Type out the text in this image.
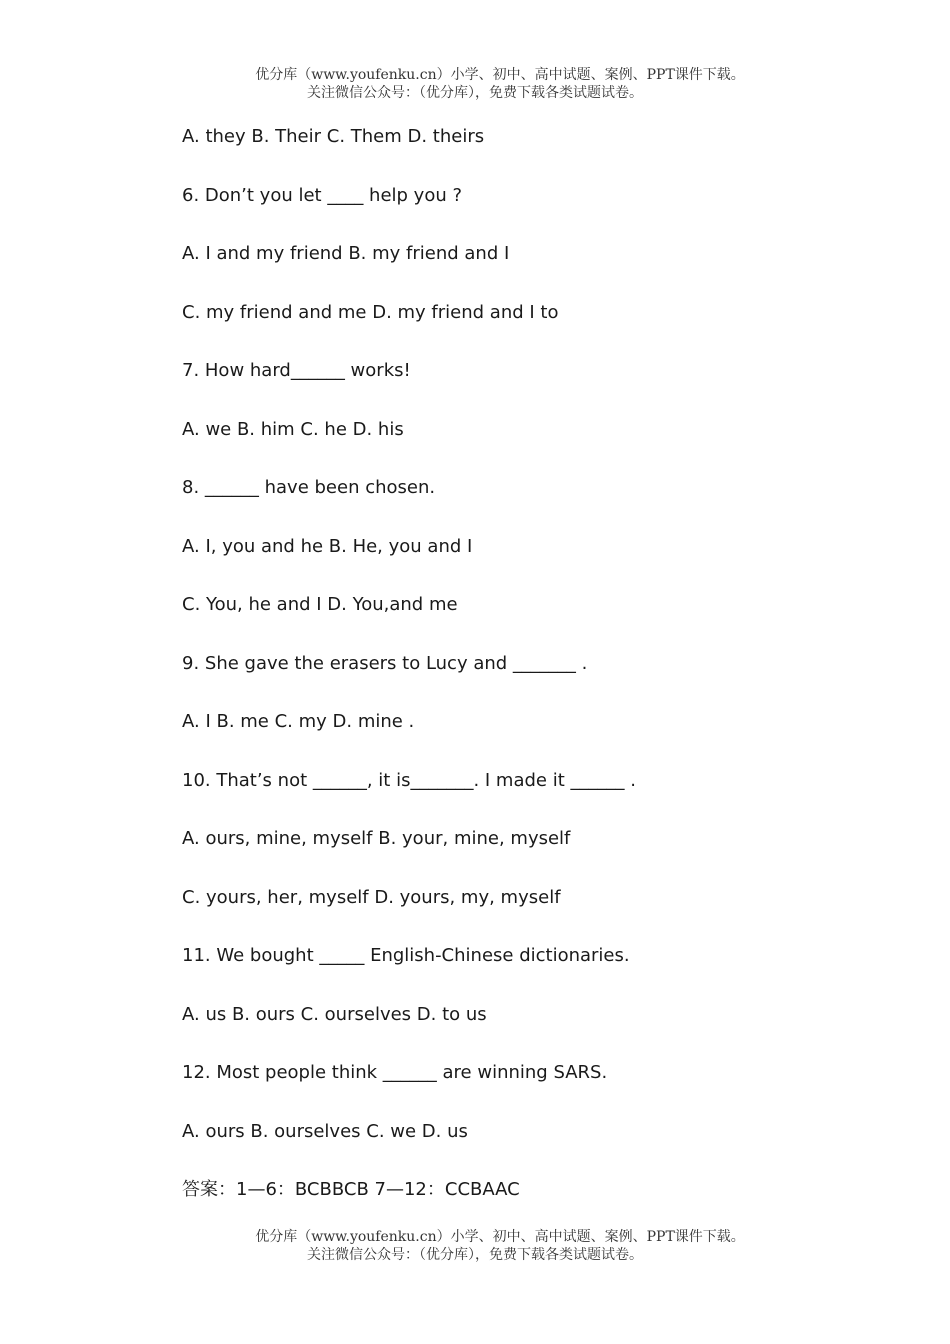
优分库（www.youfenku.cn）小学、初中、高中试题、案例、PPT课件下载。
关注微信公众号：（优分库），免费下载各类试题试卷。
A. they B. Their C. Them D. theirs
6. Don’t you let ____ help you ?
A. I and my friend B. my friend and I
C. my friend and me D. my friend and I to
7. How hard______ works!
A. we B. him C. he D. his
8. ______ have been chosen.
A. I, you and he B. He, you and I
C. You, he and I D. You,and me
9. She gave the erasers to Lucy and _______ .
A. I B. me C. my D. mine .
10. That’s not ______, it is_______. I made it ______ .
A. ours, mine, myself B. your, mine, myself
C. yours, her, myself D. yours, my, myself
11. We bought _____ English-Chinese dictionaries.
A. us B. ours C. ourselves D. to us
12. Most people think ______ are winning SARS.
A. ours B. ourselves C. we D. us
答案：1—6：BCBBCB 7—12：CCBAAC
优分库（www.youfenku.cn）小学、初中、高中试题、案例、PPT课件下载。
关注微信公众号：（优分库），免费下载各类试题试卷。
